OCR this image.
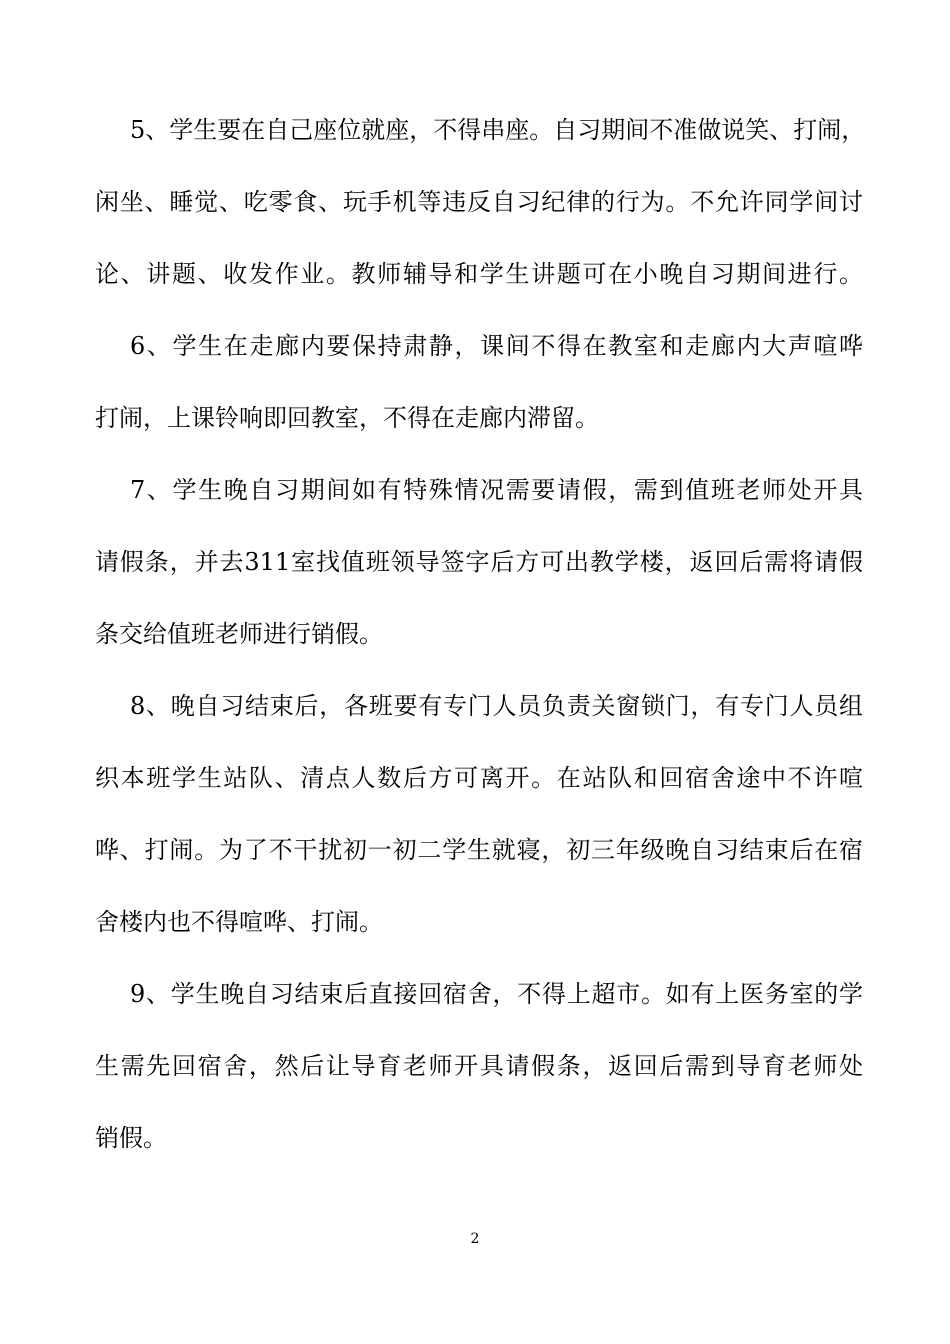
5、学生要在自己座位就座，不得串座。自习期间不准做说笑、打闹，
闲坐、睡觉、吃零食、玩手机等违反自习纪律的行为。不允许同学间讨
论、讲题、收发作业。教师辅导和学生讲题可在小晚自习期间进行。
6、学生在走廊内要保持肃静，课间不得在教室和走廊内大声喧哗
打闹，上课铃响即回教室，不得在走廊内滞留。
7、学生晚自习期间如有特殊情况需要请假，需到值班老师处开具
请假条，并去311室找值班领导签字后方可出教学楼，返回后需将请假
条交给值班老师进行销假。
8、晚自习结束后，各班要有专门人员负责关窗锁门，有专门人员组
织本班学生站队、清点人数后方可离开。在站队和回宿舍途中不许喧
哗、打闹。为了不干扰初一初二学生就寝，初三年级晚自习结束后在宿
舍楼内也不得喧哗、打闹。
9、学生晚自习结束后直接回宿舍，不得上超市。如有上医务室的学
生需先回宿舍，然后让导育老师开具请假条，返回后需到导育老师处
销假。
2
